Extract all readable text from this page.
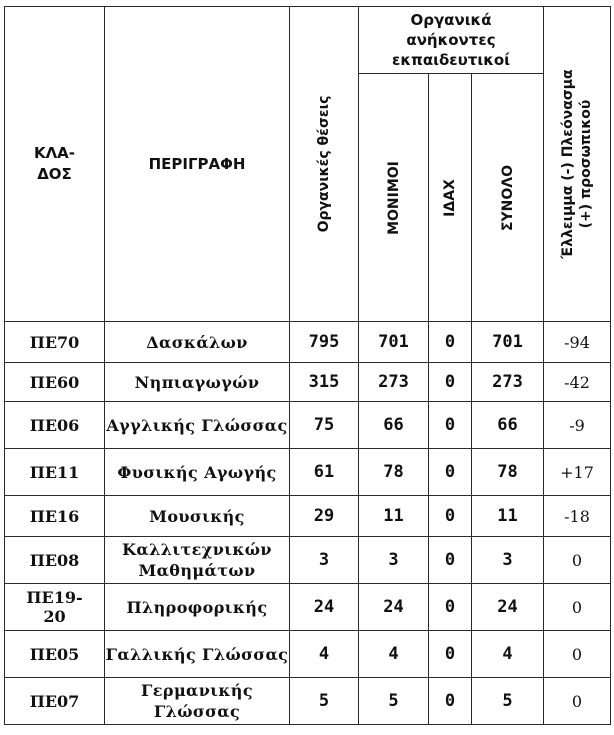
ΚΛΑ-
ΔΟΣ	ΠΕΡΙΓΡΑΦΗ	Οργανικές θέσεις	Οργανικά ανήκοντες εκπαιδευτικοί			Έλλειμμα (-) Πλεόνασμα (+) προσωπικού

			ΜΟΝΙΜΟΙ	ΙΔΑΧ	ΣΥΝΟΛΟ	

ΠΕ70	Δασκάλων	795	701	0	701	-94
ΠΕ60	Νηπιαγωγών	315	273	0	273	-42
ΠΕ06	Αγγλικής Γλώσσας	75	66	0	66	-9
ΠΕ11	Φυσικής Αγωγής	61	78	0	78	+17
ΠΕ16	Μουσικής	29	11	0	11	-18
ΠΕ08	Καλλιτεχνικών Μαθημάτων	3	3	0	3	0

ΠΕ19-20	Πληροφορικής	24	24	0	24	0
ΠΕ05	Γαλλικής Γλώσσας	4	4	0	4	0
ΠΕ07	Γερμανικής Γλώσσας	5	5	0	5	0
